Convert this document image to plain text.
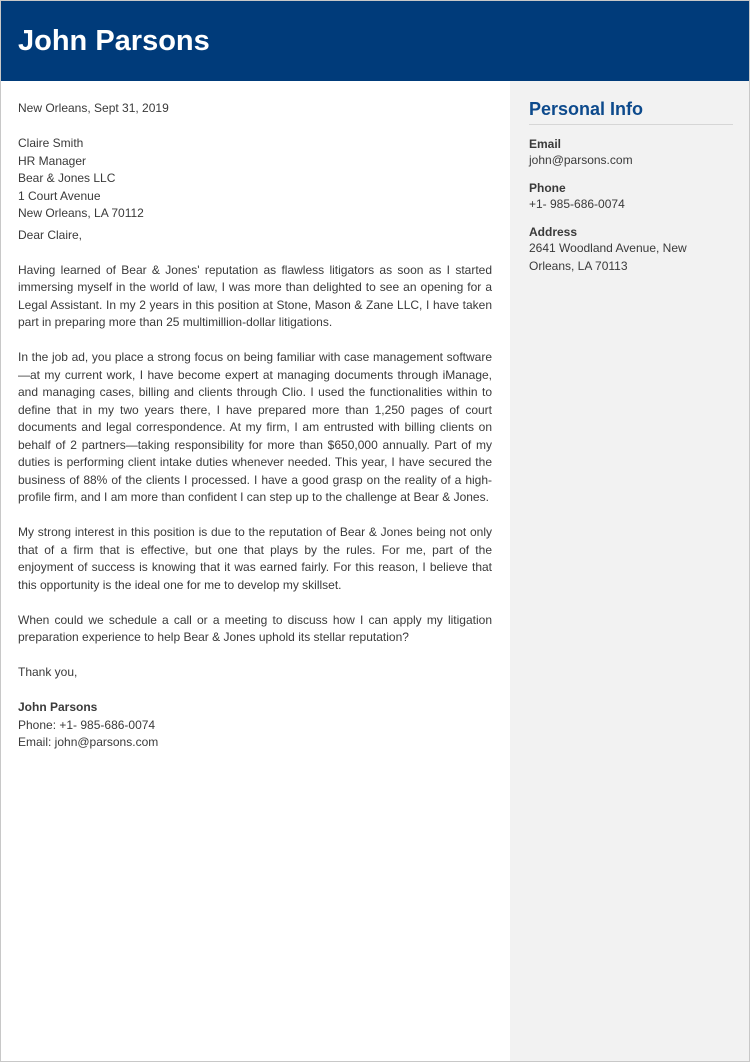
John Parsons

New Orleans, Sept 31, 2019

Claire Smith

HR Manager

Bear & Jones LLC

1 Court Avenue

New Orleans, LA 70112

Dear Claire,

Having learned of Bear & Jones' reputation as flawless litigators as soon as I started immersing myself in the world of law, I was more than delighted to see an opening for a Legal Assistant. In my 2 years in this position at Stone, Mason & Zane LLC, I have taken part in preparing more than 25 multimillion-dollar litigations.

In the job ad, you place a strong focus on being familiar with case management software—at my current work, I have become expert at managing documents through iManage, and managing cases, billing and clients through Clio. I used the functionalities within to define that in my two years there, I have prepared more than 1,250 pages of court documents and legal correspondence. At my firm, I am entrusted with billing clients on behalf of 2 partners—taking responsibility for more than $650,000 annually. Part of my duties is performing client intake duties whenever needed. This year, I have secured the business of 88% of the clients I processed. I have a good grasp on the reality of a high-profile firm, and I am more than confident I can step up to the challenge at Bear & Jones.

My strong interest in this position is due to the reputation of Bear & Jones being not only that of a firm that is effective, but one that plays by the rules. For me, part of the enjoyment of success is knowing that it was earned fairly. For this reason, I believe that this opportunity is the ideal one for me to develop my skillset.

When could we schedule a call or a meeting to discuss how I can apply my litigation preparation experience to help Bear & Jones uphold its stellar reputation?

Thank you,

John Parsons

Phone: +1- 985-686-0074

Email: john@parsons.com

Personal Info
Email
john@parsons.com
Phone
+1- 985-686-0074
Address
2641 Woodland Avenue, New Orleans, LA 70113
